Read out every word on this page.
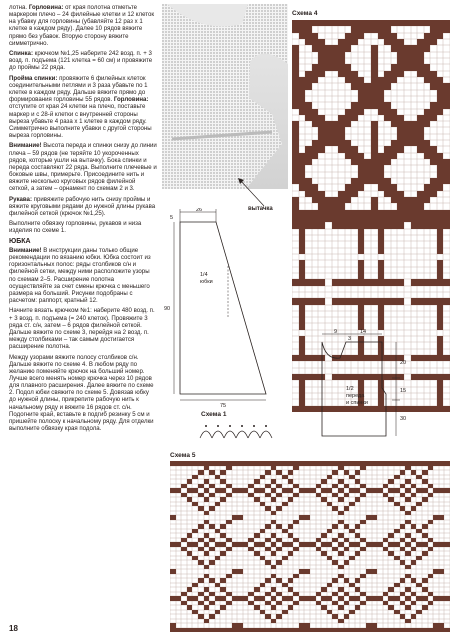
лотна. Горловина: от края полотна отметьте маркером плечо – 24 филейные клетки и 12 клеток на убавку для горловины (убавляйте 12 раз х 1 клетке в каждом ряду). Далее 10 рядов вяжите прямо без убавок. Вторую сторону вяжите симметрично.

Спинка: крючком №1,25 наберите 242 возд. п. + 3 возд. п. подъема (121 клетка = 60 см) и провяжите до проймы 22 ряда.

Пройма спинки: провяжите 6 филейных клеток соединительными петлями и 3 раза убавьте по 1 клетке в каждом ряду. Дальше вяжите прямо до формирования горловины 55 рядов. Горловина: отступите от края 24 клетки на плечо, поставьте маркер и с 28-й клетки с внутренней стороны выреза убавьте 4 раза х 1 клетке в каждом ряду. Симметрично выполните убавки с другой стороны выреза горловины.

Внимание! Высота переда и спинки снизу до линии плеча – 59 рядов (не теряйте 10 укороченных рядов, которые ушли на вытачку). Бока спинки и переда составляют 22 ряда. Выполните плечевые и боковые швы, примерьте. Присоедините нить и вяжите несколько круговых рядов филейной сеткой, а затем – орнамент по схемам 2 и 3.

Рукава: привяжите рабочую нить снизу проймы и вяжите круговыми рядами до нужной длины рукава филейной сеткой (крючок №1,25).

Выполните обвязку горловины, рукавов и низа изделия по схеме 1.

ЮБКА

Внимание! В инструкции даны только общие рекомендации по вязанию юбки. Юбка состоит из горизонтальных полос: ряды столбиков с/н и филейной сетки, между ними расположите узоры по схемам 2–5. Расширение полотна осуществляйте за счет смены крючка с меньшего размера на больший. Рисунки подобраны с расчетом: раппорт, кратный 12.

Начните вязать крючком №1: наберите 480 возд. п. + 3 возд. п. подъема (= 240 клеток). Провяжите 3 ряда ст. с/н, затем – 6 рядов филейной сеткой. Дальше вяжите по схеме 3, перейдя на 2 возд. п. между столбиками – так самым достигается расширение полотна.

Между узорами вяжите полосу столбиков с/н. Дальше вяжите по схеме 4. В любом ряду по желанию поменяйте крючок на больший номер. Лучше всего менять номер крючка через 10 рядов для плавного расширения. Далее вяжите по схеме 2. Подол юбки свяжите по схеме 5. Довязав юбку до нужной длины, прикрепите рабочую нить к начальному ряду и вяжите 16 рядов ст. с/н. Подогните край, вставьте в подгиб резинку 5 см и пришейте полоску к начальному ряду. Для отделки выполните обвязку края подола.

вытачка
Схема 4
26
5
90
75
1/4
юбки
Схема 1
9	14
3
20
15
30
1/2
переда
и спинки
Схема 5
18
